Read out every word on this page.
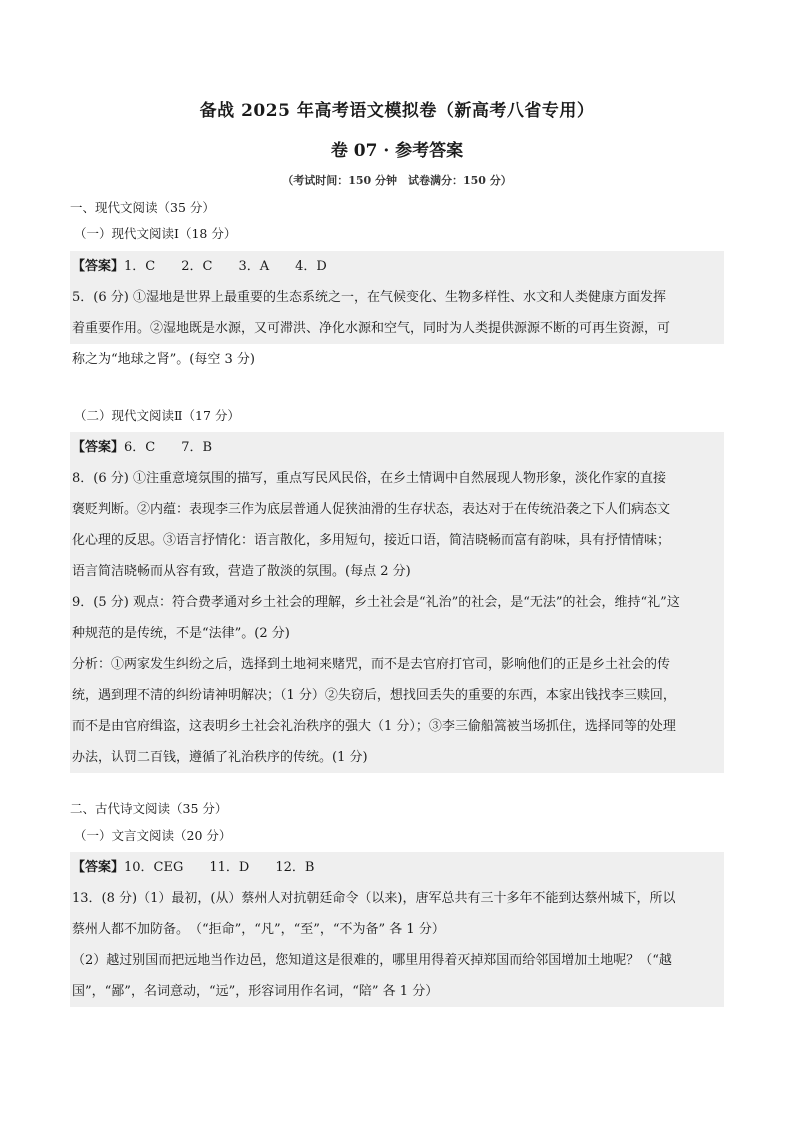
备战 2025 年高考语文模拟卷（新高考八省专用）
卷 07 · 参考答案
（考试时间：150 分钟　试卷满分：150 分）
一、现代文阅读（35 分）
（一）现代文阅读Ⅰ（18 分）

【答案】1．C　　2．C　　3．A　　4．D

5．(6 分) ①湿地是世界上最重要的生态系统之一，在气候变化、生物多样性、水文和人类健康方面发挥

着重要作用。②湿地既是水源，又可滞洪、净化水源和空气，同时为人类提供源源不断的可再生资源，可

称之为“地球之肾”。(每空 3 分)

（二）现代文阅读Ⅱ（17 分）

【答案】6．C　　7．B

8．(6 分) ①注重意境氛围的描写，重点写民风民俗，在乡土情调中自然展现人物形象，淡化作家的直接

褒贬判断。②内蕴：表现李三作为底层普通人促狭油滑的生存状态，表达对于在传统沿袭之下人们病态文

化心理的反思。③语言抒情化：语言散化，多用短句，接近口语，简洁晓畅而富有韵味，具有抒情情味；

语言简洁晓畅而从容有致，营造了散淡的氛围。(每点 2 分)

9．(5 分) 观点：符合费孝通对乡土社会的理解，乡土社会是“礼治”的社会，是“无法”的社会，维持“礼”这

种规范的是传统，不是“法律”。(2 分)

分析：①两家发生纠纷之后，选择到土地祠来赌咒，而不是去官府打官司，影响他们的正是乡土社会的传

统，遇到理不清的纠纷请神明解决；（1 分）②失窃后，想找回丢失的重要的东西，本家出钱找李三赎回，

而不是由官府缉盗，这表明乡土社会礼治秩序的强大（1 分）；③李三偷船篙被当场抓住，选择同等的处理

办法，认罚二百钱，遵循了礼治秩序的传统。(1 分)

二、古代诗文阅读（35 分）
（一）文言文阅读（20 分）

【答案】10．CEG　　11．D　　12．B

13．(8 分)（1）最初，(从）蔡州人对抗朝廷命令（以来)，唐军总共有三十多年不能到达蔡州城下，所以

蔡州人都不加防备。　（“拒命”，“凡”，“至”，“不为备” 各 1 分）

（2）越过别国而把远地当作边邑，您知道这是很难的，哪里用得着灭掉郑国而给邻国增加土地呢？（“越

国”，“鄙”，名词意动，“远”，形容词用作名词，“陪” 各 1 分）
